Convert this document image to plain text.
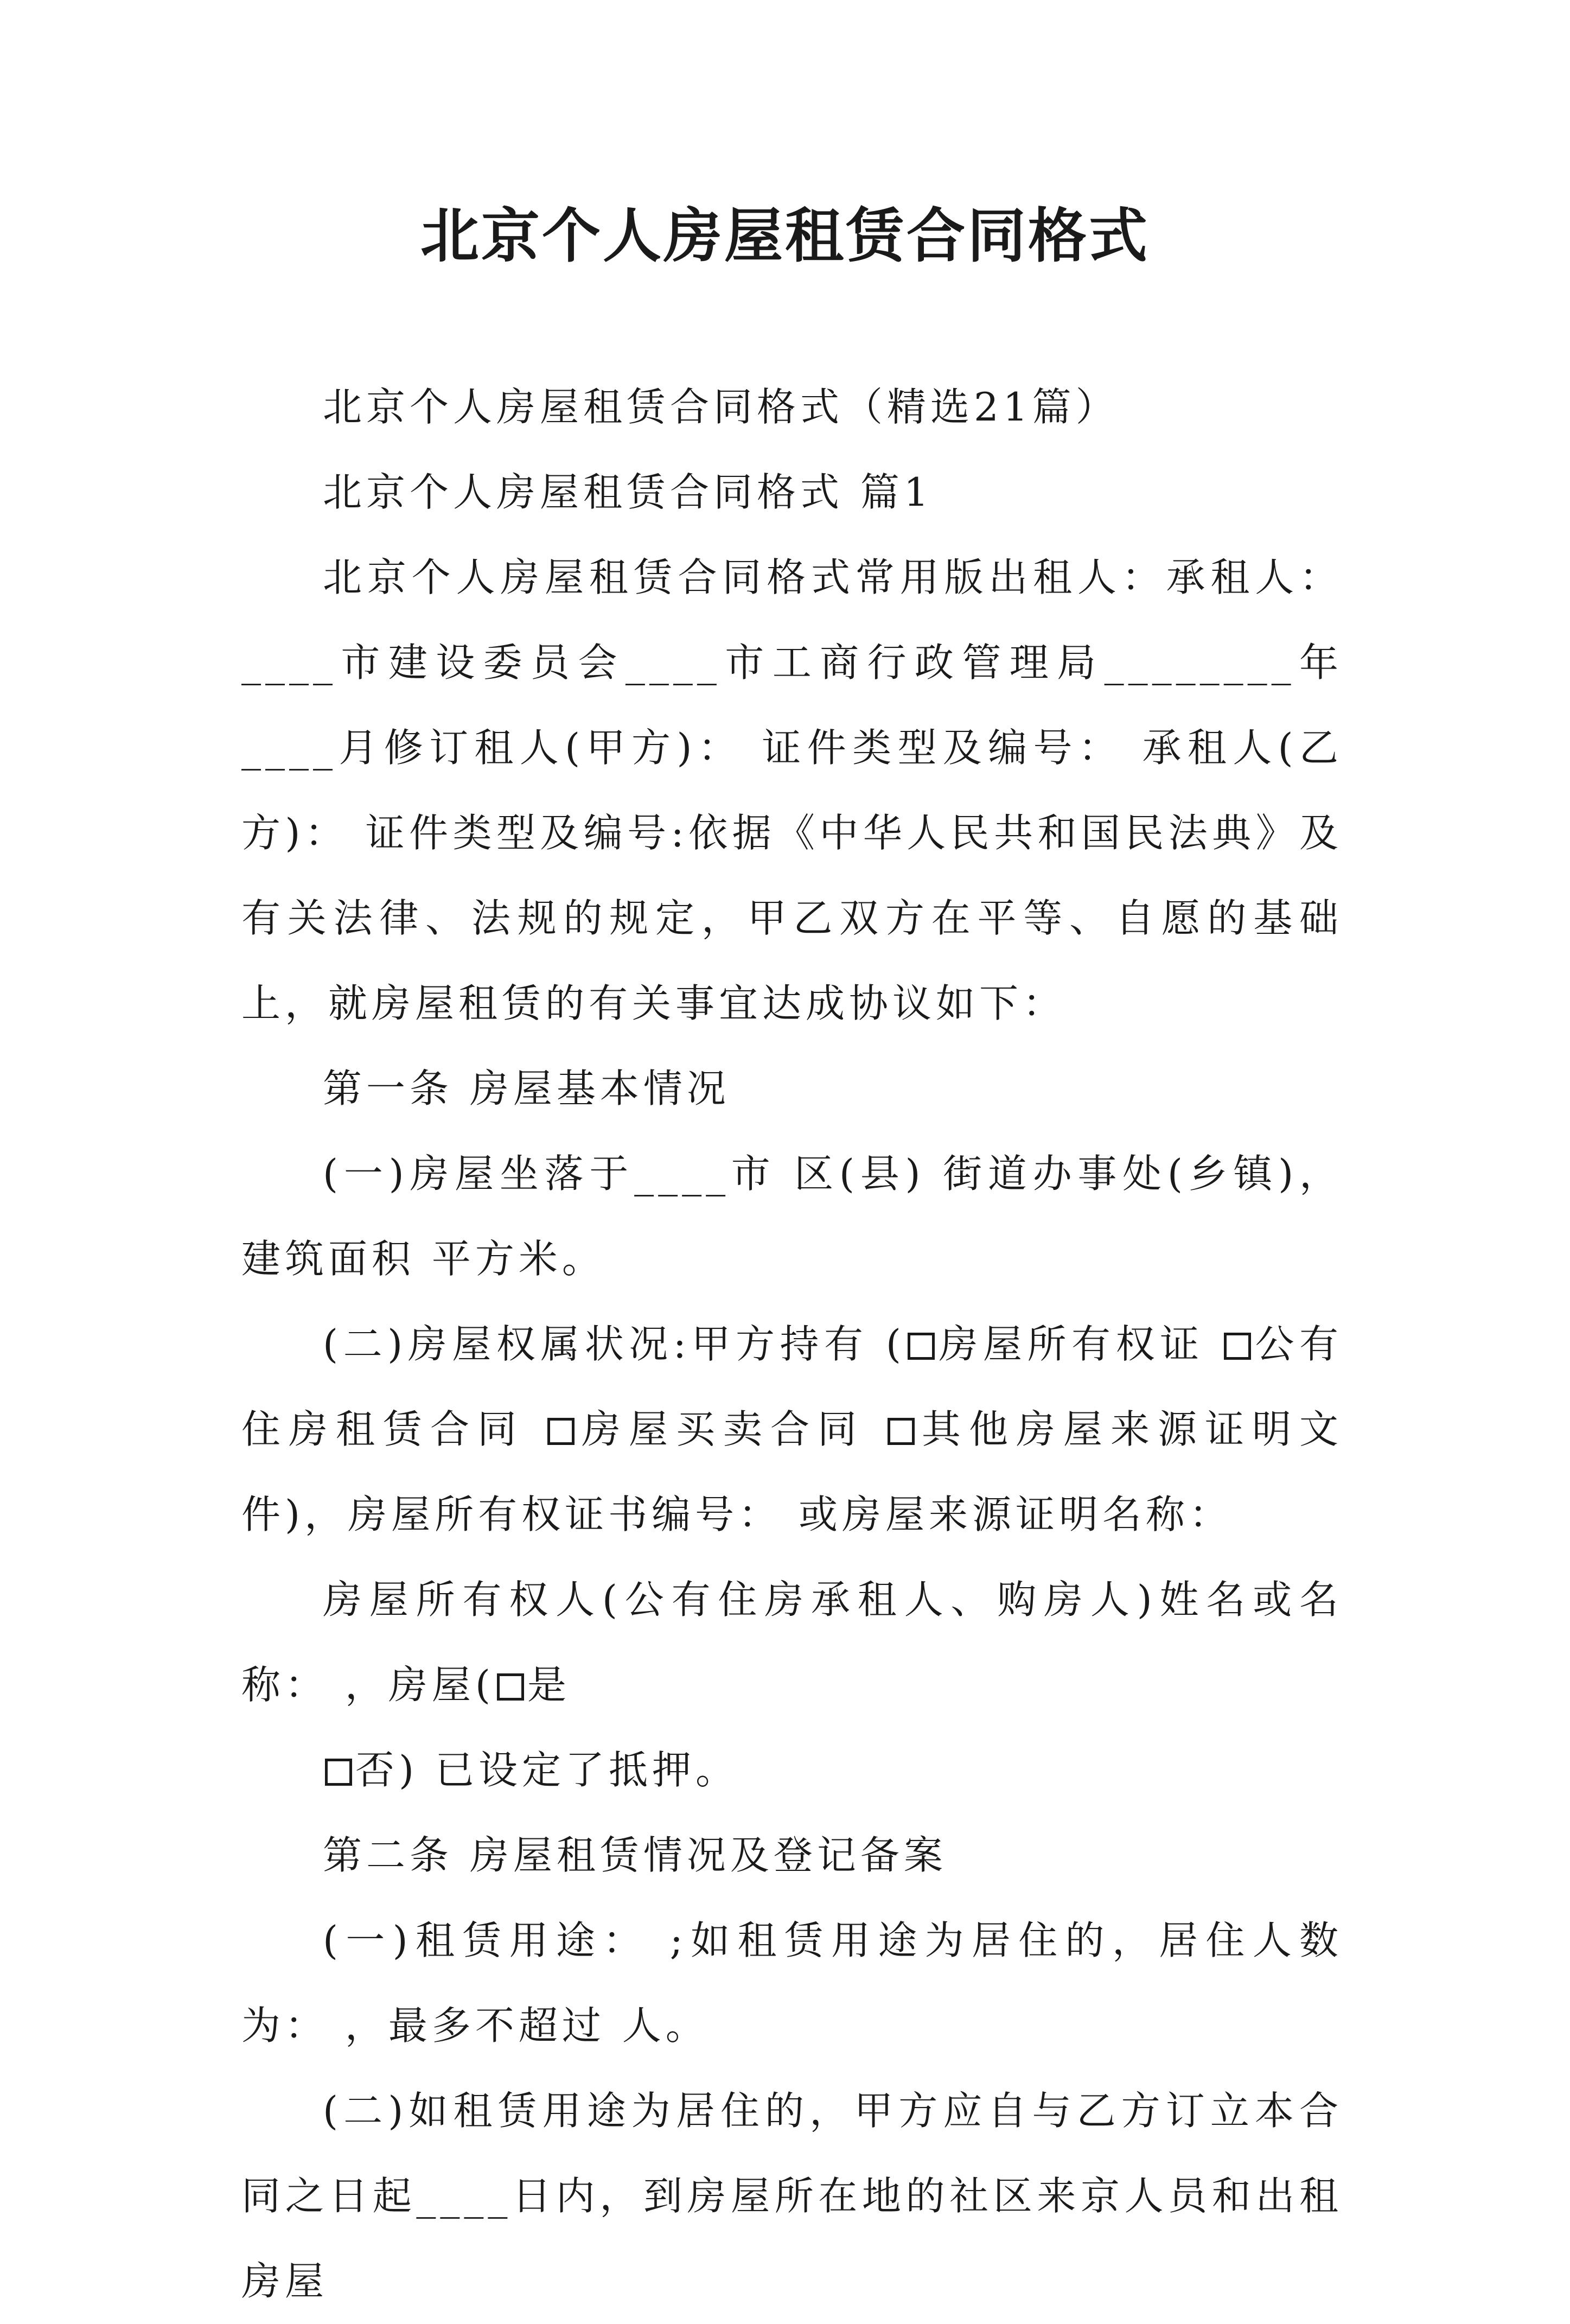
北京个人房屋租赁合同格式

北京个人房屋租赁合同格式（精选21篇）

北京个人房屋租赁合同格式 篇1

北京个人房屋租赁合同格式常用版出租人：承租人：____市建设委员会____市工商行政管理局________年____月修订租人(甲方)： 证件类型及编号： 承租人(乙方)： 证件类型及编号:依据《中华人民共和国民法典》及有关法律、法规的规定，甲乙双方在平等、自愿的基础上，就房屋租赁的有关事宜达成协议如下：

第一条 房屋基本情况

(一)房屋坐落于____市 区(县) 街道办事处(乡镇)，建筑面积 平方米。

(二)房屋权属状况:甲方持有 ( 房屋所有权证 公有住房租赁合同 房屋买卖合同 其他房屋来源证明文件)，房屋所有权证书编号： 或房屋来源证明名称：

房屋所有权人(公有住房承租人、购房人)姓名或名称： ，房屋( 是

否) 已设定了抵押。

第二条 房屋租赁情况及登记备案

(一)租赁用途： ;如租赁用途为居住的，居住人数为： ，最多不超过 人。

(二)如租赁用途为居住的，甲方应自与乙方订立本合同之日起____日内，到房屋所在地的社区来京人员和出租房屋
